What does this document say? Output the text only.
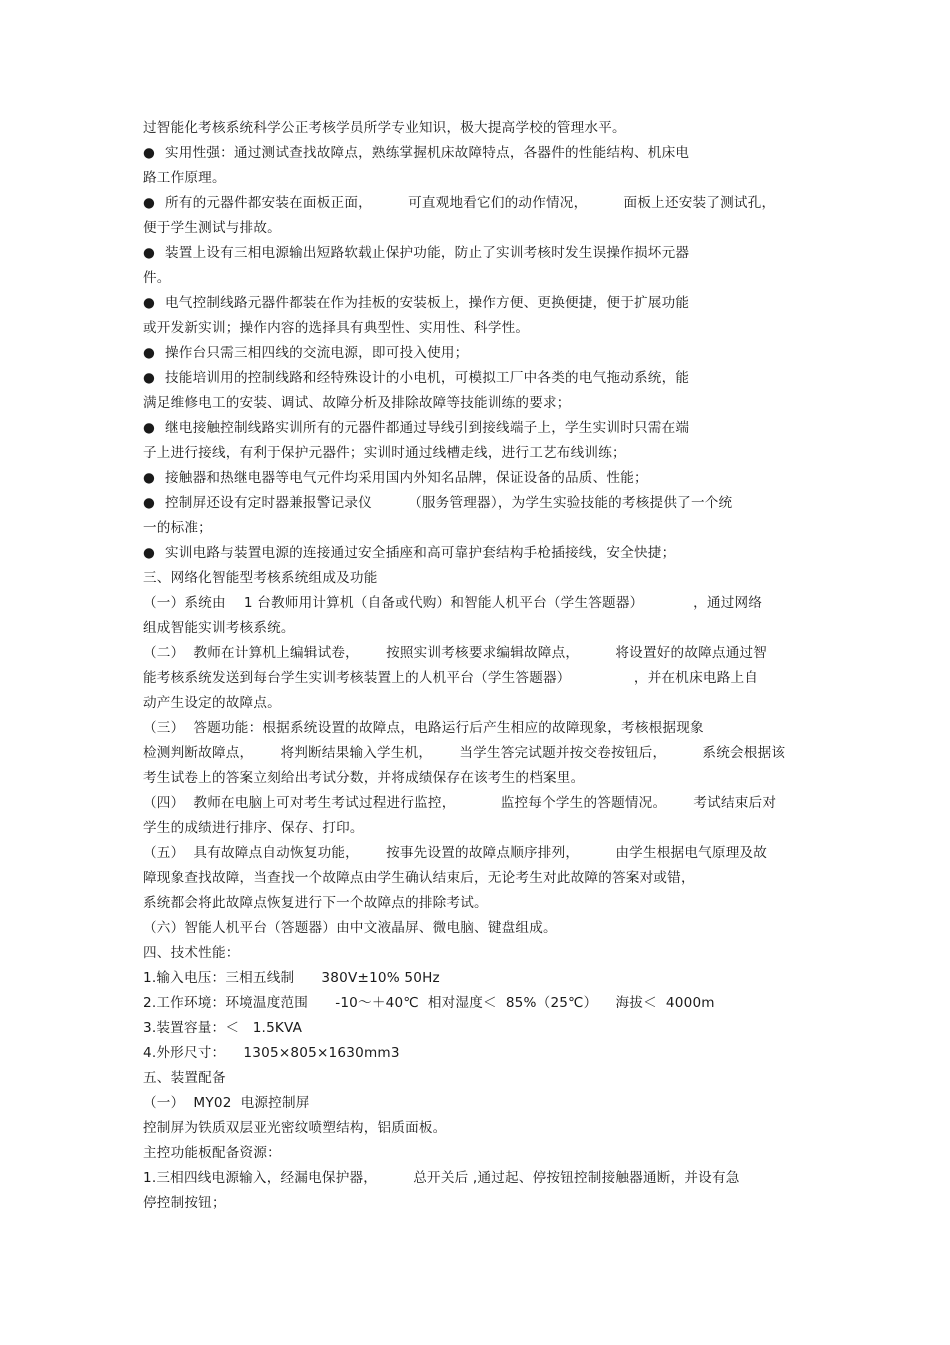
过智能化考核系统科学公正考核学员所学专业知识，极大提高学校的管理水平。
● 实用性强：通过测试查找故障点，熟练掌握机床故障特点，各器件的性能结构、机床电
路工作原理。
● 所有的元器件都安装在面板正面，        可直观地看它们的动作情况，        面板上还安装了测试孔，
便于学生测试与排故。
● 装置上设有三相电源输出短路软载止保护功能，防止了实训考核时发生误操作损坏元器
件。
● 电气控制线路元器件都装在作为挂板的安装板上，操作方便、更换便捷，便于扩展功能
或开发新实训；操作内容的选择具有典型性、实用性、科学性。
● 操作台只需三相四线的交流电源，即可投入使用；
● 技能培训用的控制线路和经特殊设计的小电机，可模拟工厂中各类的电气拖动系统，能
满足维修电工的安装、调试、故障分析及排除故障等技能训练的要求；
● 继电接触控制线路实训所有的元器件都通过导线引到接线端子上，学生实训时只需在端
子上进行接线，有利于保护元器件；实训时通过线槽走线，进行工艺布线训练；
● 接触器和热继电器等电气元件均采用国内外知名品牌，保证设备的品质、性能；
● 控制屏还设有定时器兼报警记录仪        （服务管理器），为学生实验技能的考核提供了一个统
一的标准；
● 实训电路与装置电源的连接通过安全插座和高可靠护套结构手枪插接线，安全快捷；
三、网络化智能型考核系统组成及功能
（一）系统由    1 台教师用计算机（自备或代购）和智能人机平台（学生答题器）           ，通过网络
组成智能实训考核系统。
（二）  教师在计算机上编辑试卷，      按照实训考核要求编辑故障点，        将设置好的故障点通过智
能考核系统发送到每台学生实训考核装置上的人机平台（学生答题器）              ，并在机床电路上自
动产生设定的故障点。
（三）  答题功能：根据系统设置的故障点，电路运行后产生相应的故障现象，考核根据现象
检测判断故障点，      将判断结果输入学生机，      当学生答完试题并按交卷按钮后，        系统会根据该
考生试卷上的答案立刻给出考试分数，并将成绩保存在该考生的档案里。
（四）  教师在电脑上可对考生考试过程进行监控，          监控每个学生的答题情况。      考试结束后对
学生的成绩进行排序、保存、打印。
（五）  具有故障点自动恢复功能，      按事先设置的故障点顺序排列，        由学生根据电气原理及故
障现象查找故障，当查找一个故障点由学生确认结束后，无论考生对此故障的答案对或错，
系统都会将此故障点恢复进行下一个故障点的排除考试。
（六）智能人机平台（答题器）由中文液晶屏、微电脑、键盘组成。
四、技术性能：
1.输入电压：三相五线制      380V±10% 50Hz
2.工作环境：环境温度范围      -10～＋40℃  相对湿度＜  85%（25℃）    海拔＜  4000m
3.装置容量：＜   1.5KVA
4.外形尺寸：    1305×805×1630mm3
五、装置配备
（一）  MY02  电源控制屏
控制屏为铁质双层亚光密纹喷塑结构，铝质面板。
主控功能板配备资源：
1.三相四线电源输入，经漏电保护器，        总开关后 ,通过起、停按钮控制接触器通断，并设有急
停控制按钮；
